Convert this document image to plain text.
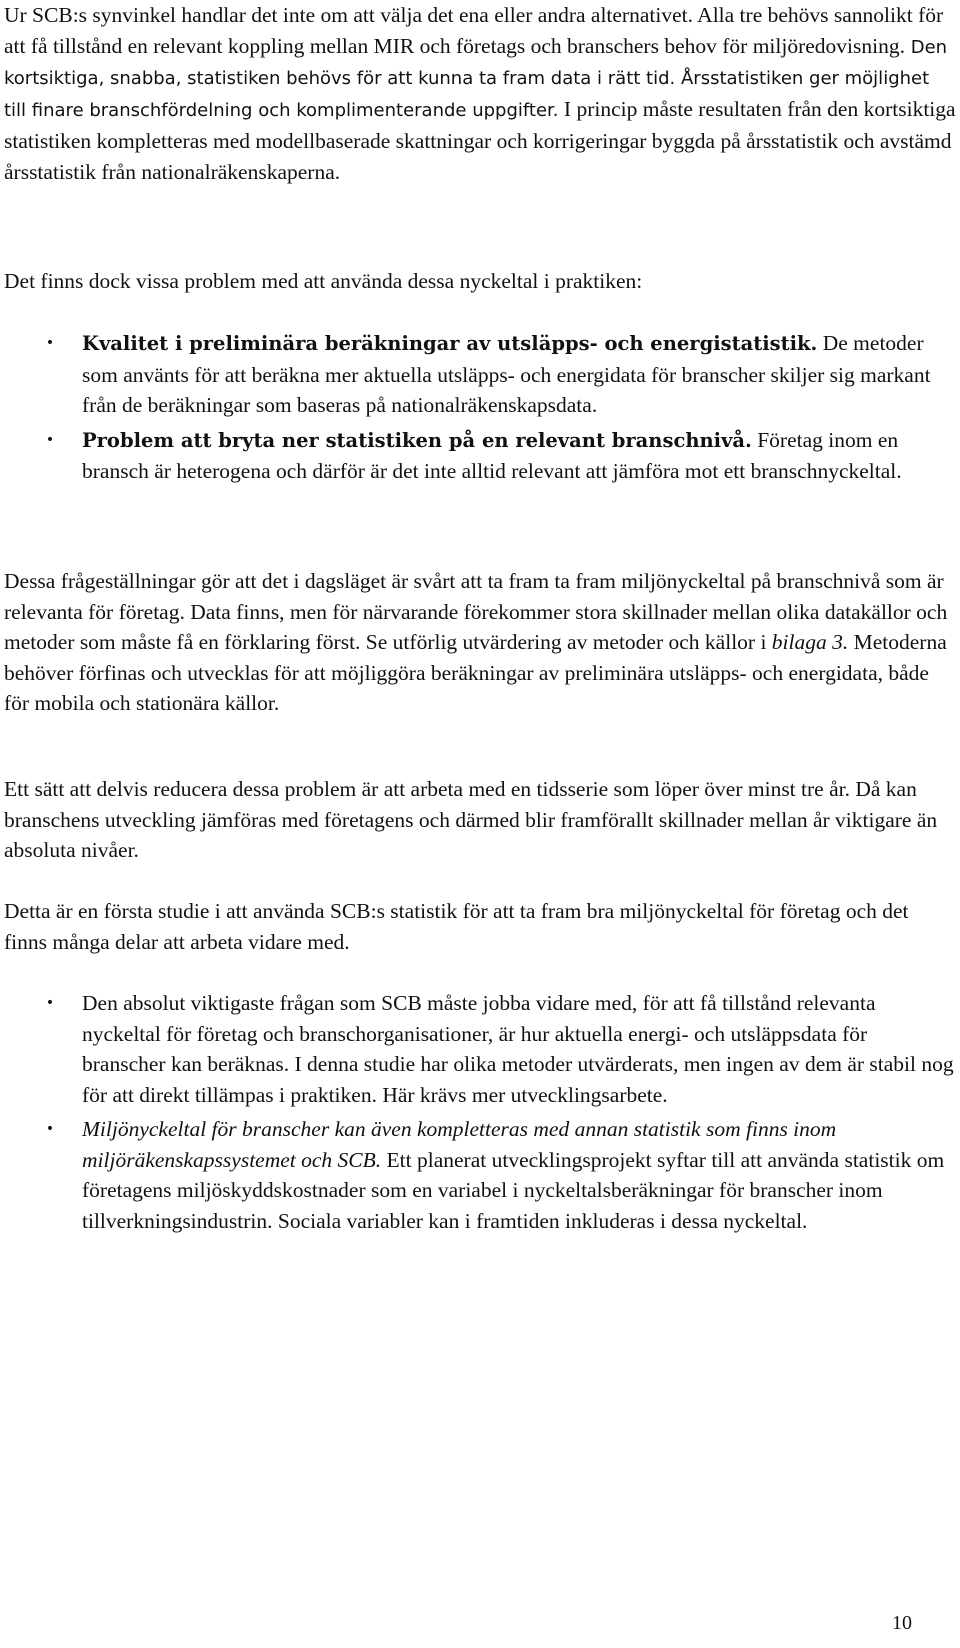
Ur SCB:s synvinkel handlar det inte om att välja det ena eller andra alternativet. Alla tre behövs sannolikt för att få tillstånd en relevant koppling mellan MIR och företags och branschers behov för miljöredovisning. Den kortsiktiga, snabba, statistiken behövs för att kunna ta fram data i rätt tid. Årsstatistiken ger möjlighet till finare branschfördelning och komplimenterande uppgifter. I princip måste resultaten från den kortsiktiga statistiken kompletteras med modellbaserade skattningar och korrigeringar byggda på årsstatistik och avstämd årsstatistik från nationalräkenskaperna.

Det finns dock vissa problem med att använda dessa nyckeltal i praktiken:

•	Kvalitet i preliminära beräkningar av utsläpps- och energistatistik. De metoder som använts för att beräkna mer aktuella utsläpps- och energidata för branscher skiljer sig markant från de beräkningar som baseras på nationalräkenskapsdata.
•	Problem att bryta ner statistiken på en relevant branschnivå. Företag inom en bransch är heterogena och därför är det inte alltid relevant att jämföra mot ett branschnyckeltal.

Dessa frågeställningar gör att det i dagsläget är svårt att ta fram ta fram miljönyckeltal på branschnivå som är relevanta för företag. Data finns, men för närvarande förekommer stora skillnader mellan olika datakällor och metoder som måste få en förklaring först. Se utförlig utvärdering av metoder och källor i bilaga 3. Metoderna behöver förfinas och utvecklas för att möjliggöra beräkningar av preliminära utsläpps- och energidata, både för mobila och stationära källor.

Ett sätt att delvis reducera dessa problem är att arbeta med en tidsserie som löper över minst tre år. Då kan branschens utveckling jämföras med företagens och därmed blir framförallt skillnader mellan år viktigare än absoluta nivåer.

Detta är en första studie i att använda SCB:s statistik för att ta fram bra miljönyckeltal för företag och det finns många delar att arbeta vidare med.

• Den absolut viktigaste frågan som SCB måste jobba vidare med, för att få tillstånd relevanta nyckeltal för företag och branschorganisationer, är hur aktuella energi- och utsläppsdata för branscher kan beräknas. I denna studie har olika metoder utvärderats, men ingen av dem är stabil nog för att direkt tillämpas i praktiken. Här krävs mer utvecklingsarbete.
• Miljönyckeltal för branscher kan även kompletteras med annan statistik som finns inom miljöräkenskapssystemet och SCB. Ett planerat utvecklingsprojekt syftar till att använda statistik om företagens miljöskyddskostnader som en variabel i nyckeltalsberäkningar för branscher inom tillverkningsindustrin. Sociala variabler kan i framtiden inkluderas i dessa nyckeltal.
10
